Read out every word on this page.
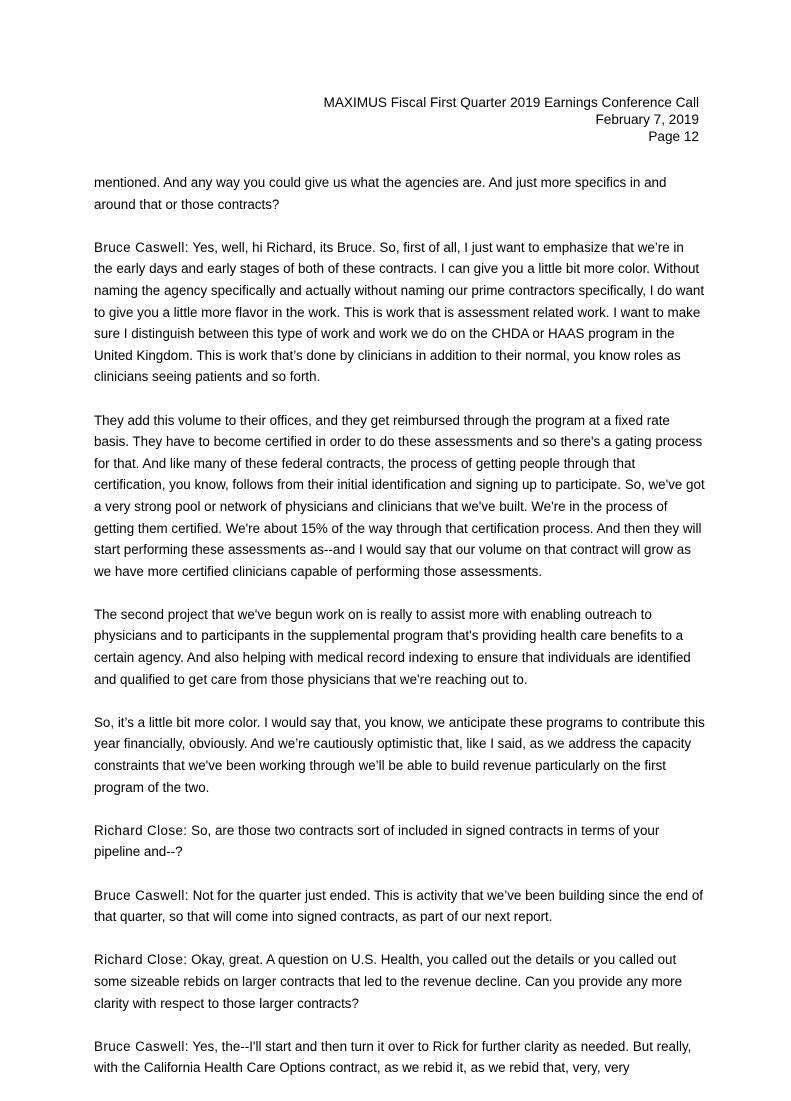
MAXIMUS Fiscal First Quarter 2019 Earnings Conference Call
February 7, 2019
Page 12

mentioned. And any way you could give us what the agencies are. And just more specifics in and around that or those contracts?

Bruce Caswell: Yes, well, hi Richard, its Bruce. So, first of all, I just want to emphasize that we’re in the early days and early stages of both of these contracts. I can give you a little bit more color. Without naming the agency specifically and actually without naming our prime contractors specifically, I do want to give you a little more flavor in the work. This is work that is assessment related work. I want to make sure I distinguish between this type of work and work we do on the CHDA or HAAS program in the United Kingdom. This is work that’s done by clinicians in addition to their normal, you know roles as clinicians seeing patients and so forth.

They add this volume to their offices, and they get reimbursed through the program at a fixed rate basis. They have to become certified in order to do these assessments and so there's a gating process for that. And like many of these federal contracts, the process of getting people through that certification, you know, follows from their initial identification and signing up to participate. So, we've got a very strong pool or network of physicians and clinicians that we've built. We're in the process of getting them certified. We're about 15% of the way through that certification process. And then they will start performing these assessments as--and I would say that our volume on that contract will grow as we have more certified clinicians capable of performing those assessments.

The second project that we've begun work on is really to assist more with enabling outreach to physicians and to participants in the supplemental program that's providing health care benefits to a certain agency. And also helping with medical record indexing to ensure that individuals are identified and qualified to get care from those physicians that we're reaching out to.

So, it’s a little bit more color. I would say that, you know, we anticipate these programs to contribute this year financially, obviously. And we’re cautiously optimistic that, like I said, as we address the capacity constraints that we've been working through we’ll be able to build revenue particularly on the first program of the two.

Richard Close: So, are those two contracts sort of included in signed contracts in terms of your pipeline and--?

Bruce Caswell: Not for the quarter just ended. This is activity that we’ve been building since the end of that quarter, so that will come into signed contracts, as part of our next report.

Richard Close: Okay, great. A question on U.S. Health, you called out the details or you called out some sizeable rebids on larger contracts that led to the revenue decline. Can you provide any more clarity with respect to those larger contracts?

Bruce Caswell: Yes, the--I'll start and then turn it over to Rick for further clarity as needed. But really, with the California Health Care Options contract, as we rebid it, as we rebid that, very, very
